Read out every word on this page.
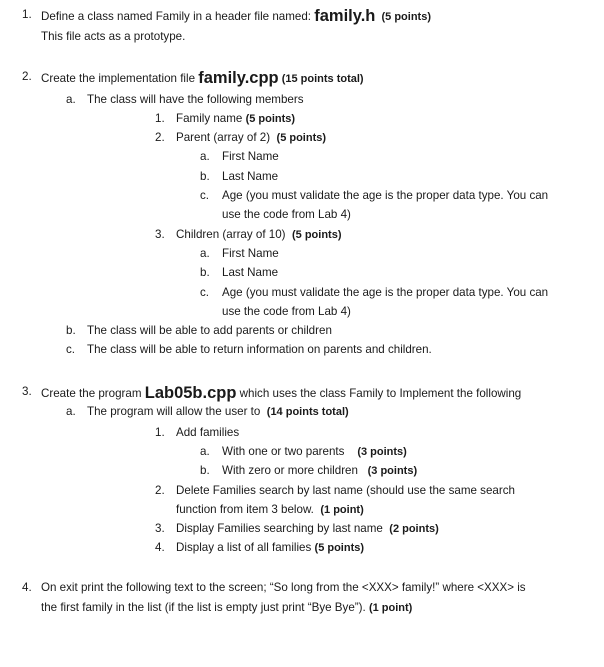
1. Define a class named Family in a header file named: family.h  (5 points)
This file acts as a prototype.
2. Create the implementation file family.cpp (15 points total)
a. The class will have the following members
1. Family name (5 points)
2. Parent (array of 2)  (5 points)
a. First Name
b. Last Name
c. Age (you must validate the age is the proper data type. You can
use the code from Lab 4)
3. Children (array of 10)  (5 points)
a. First Name
b. Last Name
c. Age (you must validate the age is the proper data type. You can
use the code from Lab 4)
b. The class will be able to add parents or children
c. The class will be able to return information on parents and children.
3. Create the program Lab05b.cpp which uses the class Family to Implement the following
a. The program will allow the user to  (14 points total)
1. Add families
a. With one or two parents    (3 points)
b. With zero or more children   (3 points)
2. Delete Families search by last name (should use the same search
function from item 3 below.  (1 point)
3. Display Families searching by last name  (2 points)
4. Display a list of all families (5 points)
4. On exit print the following text to the screen; “So long from the <XXX> family!” where <XXX> is
the first family in the list (if the list is empty just print “Bye Bye”). (1 point)
